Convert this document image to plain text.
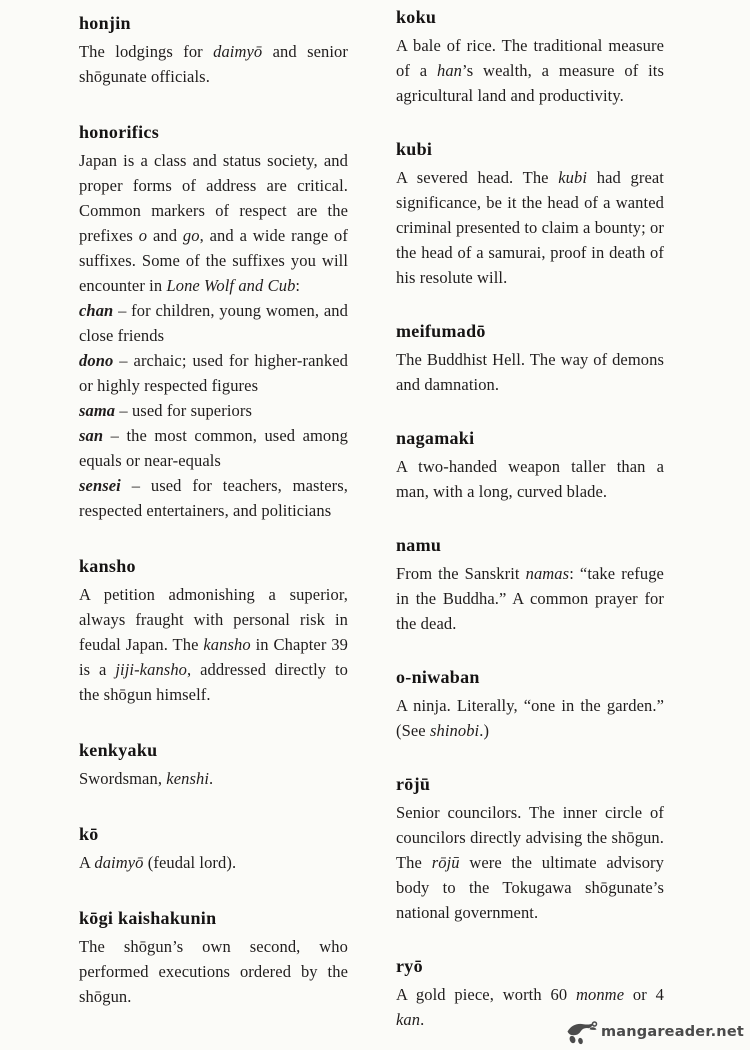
honjin

The lodgings for daimyō and senior shōgunate officials.

honorifics

Japan is a class and status society, and proper forms of address are critical. Common markers of respect are the prefixes o and go, and a wide range of suffixes. Some of the suffixes you will encounter in Lone Wolf and Cub:

chan – for children, young women, and close friends

dono – archaic; used for higher-ranked or highly respected figures

sama – used for superiors

san – the most common, used among equals or near-equals

sensei – used for teachers, masters, respected entertainers, and politicians

kansho

A petition admonishing a superior, always fraught with personal risk in feudal Japan. The kansho in Chapter 39 is a jiji-kansho, addressed directly to the shōgun himself.

kenkyaku

Swordsman, kenshi.

kō

A daimyō (feudal lord).

kōgi kaishakunin

The shōgun’s own second, who performed executions ordered by the shōgun.

koku

A bale of rice. The traditional measure of a han’s wealth, a measure of its agricultural land and productivity.

kubi

A severed head. The kubi had great significance, be it the head of a wanted criminal presented to claim a bounty; or the head of a samurai, proof in death of his resolute will.

meifumadō

The Buddhist Hell. The way of demons and damnation.

nagamaki

A two-handed weapon taller than a man, with a long, curved blade.

namu

From the Sanskrit namas: “take refuge in the Buddha.” A common prayer for the dead.

o-niwaban

A ninja. Literally, “one in the garden.” (See shinobi.)

rōjū

Senior councilors. The inner circle of councilors directly advising the shōgun. The rōjū were the ultimate advisory body to the Tokugawa shōgunate’s national government.

ryō

A gold piece, worth 60 monme or 4 kan.

mangareader.net
